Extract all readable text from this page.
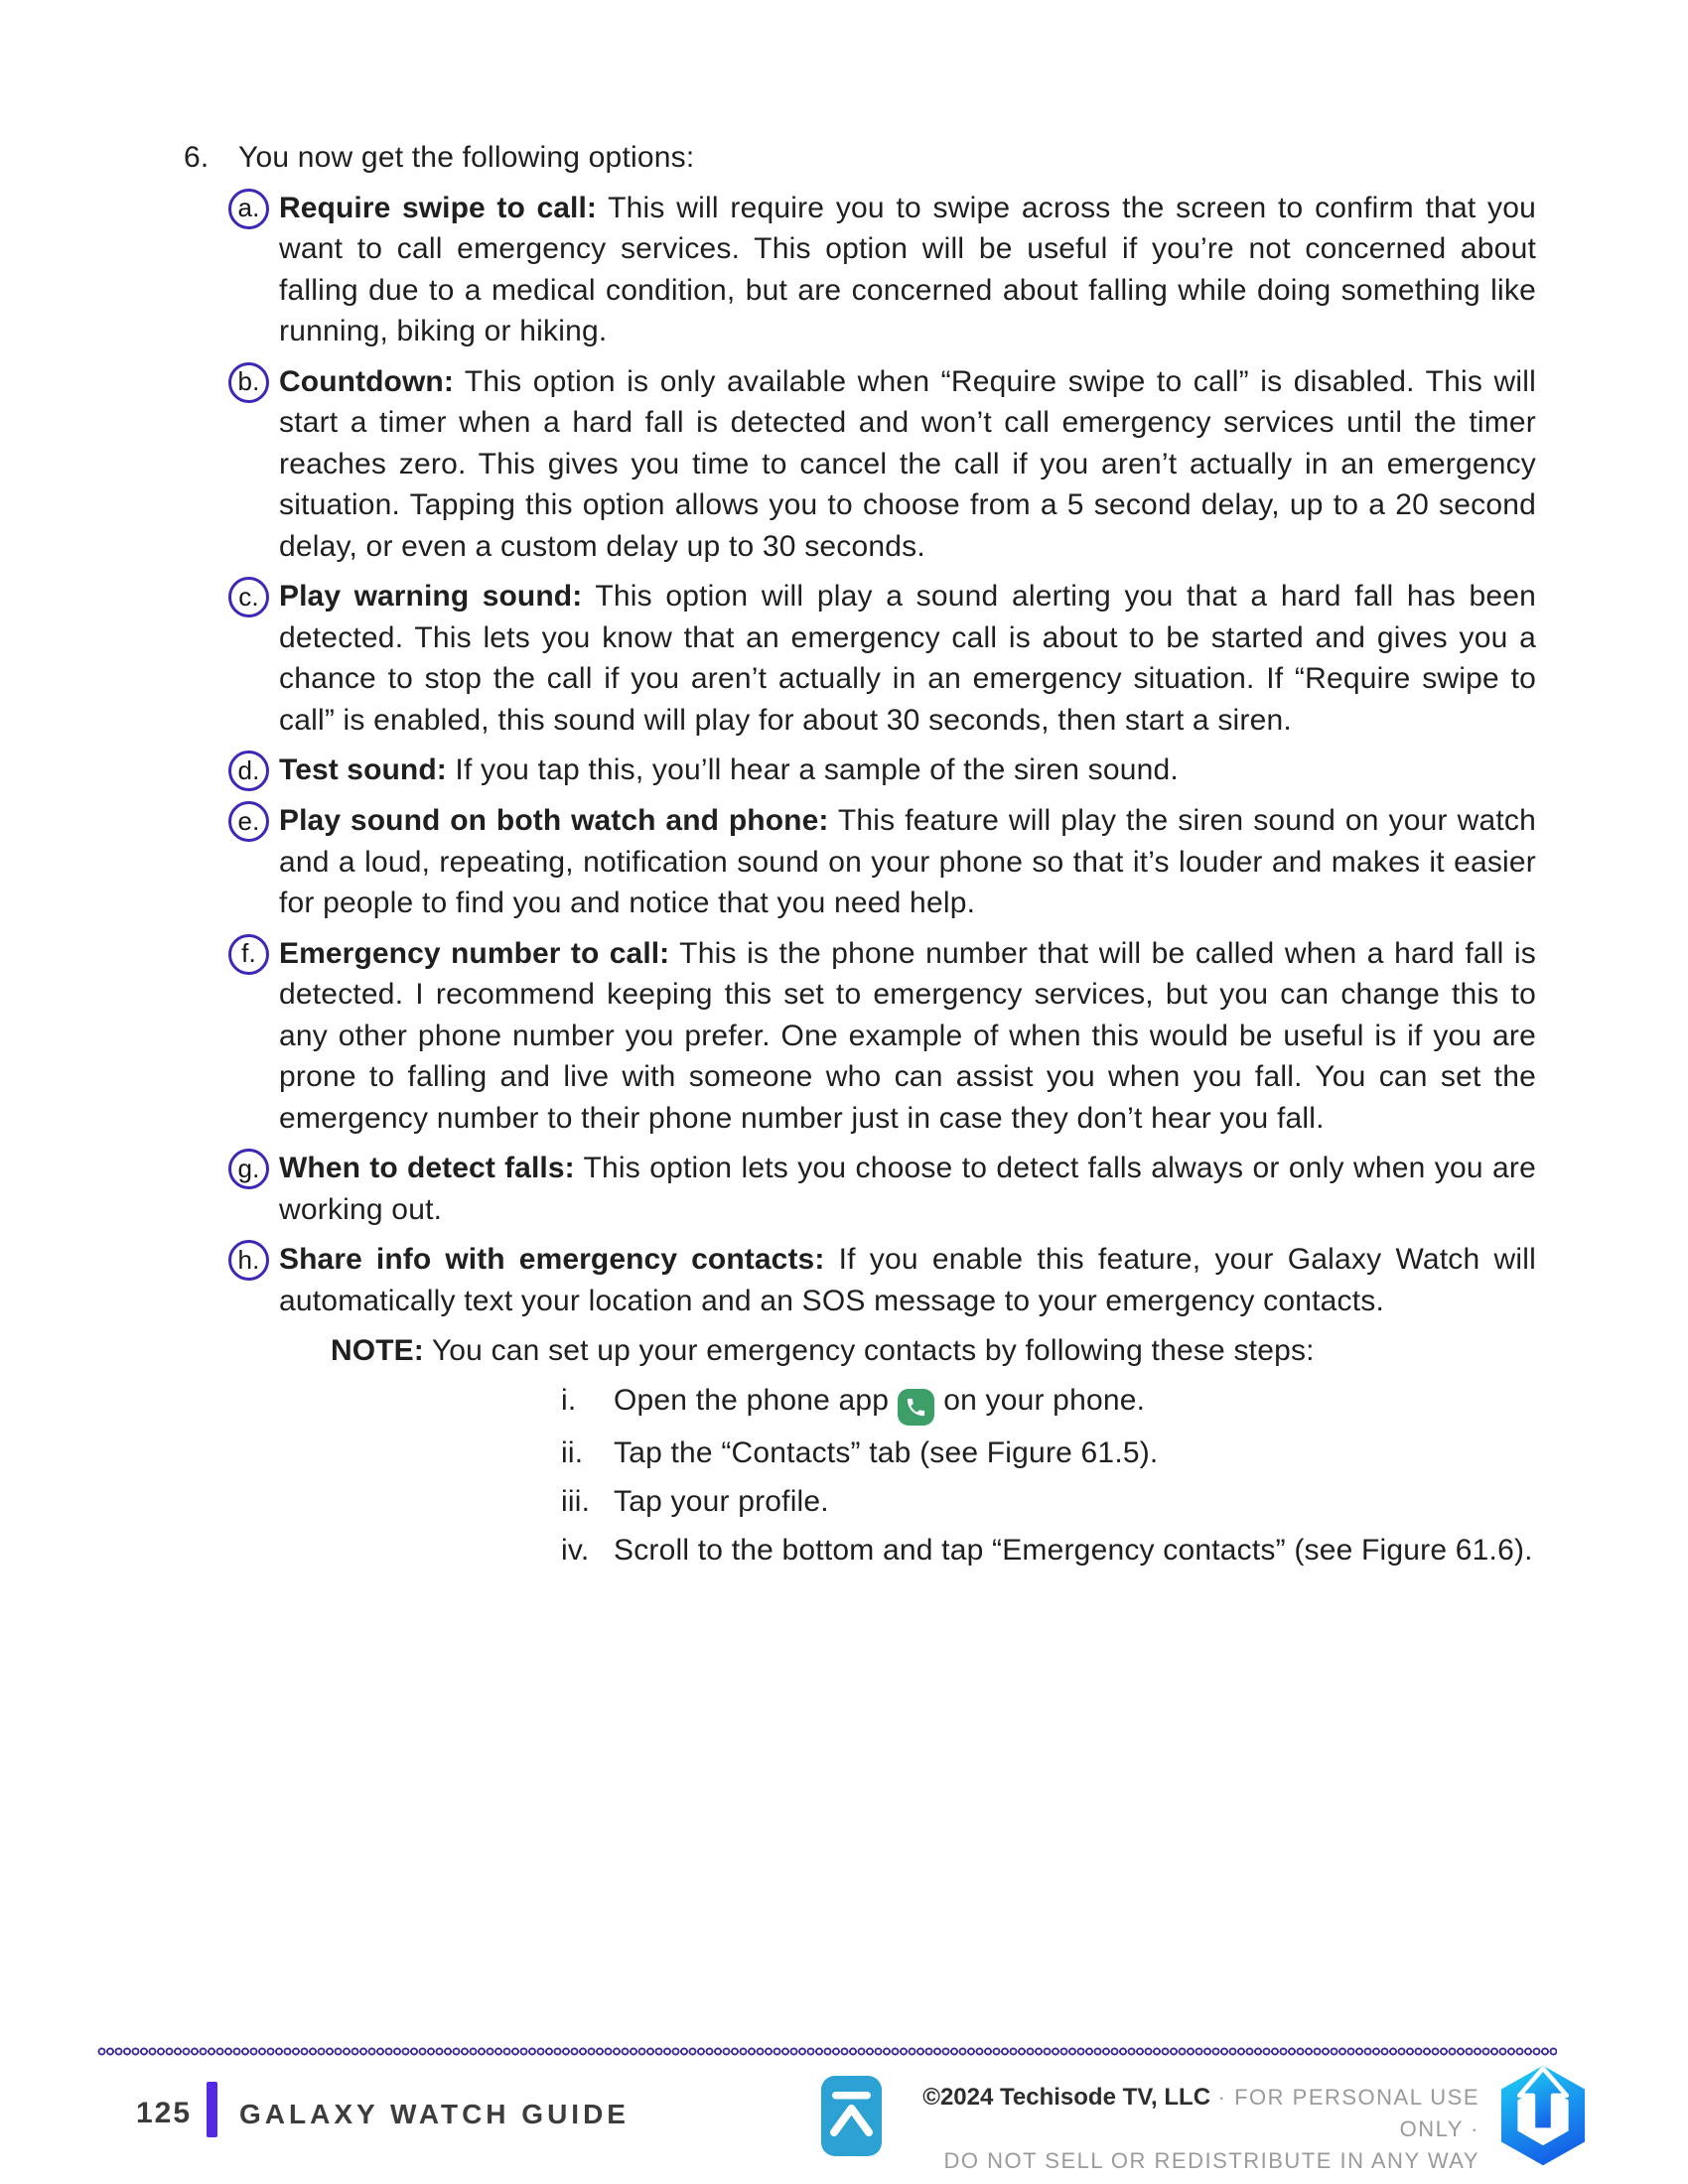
6. You now get the following options:
a. Require swipe to call: This will require you to swipe across the screen to confirm that you want to call emergency services. This option will be useful if you’re not concerned about falling due to a medical condition, but are concerned about falling while doing something like running, biking or hiking.

b. Countdown: This option is only available when “Require swipe to call” is disabled. This will start a timer when a hard fall is detected and won’t call emergency services until the timer reaches zero. This gives you time to cancel the call if you aren’t actually in an emergency situation. Tapping this option allows you to choose from a 5 second delay, up to a 20 second delay, or even a custom delay up to 30 seconds.

c. Play warning sound: This option will play a sound alerting you that a hard fall has been detected. This lets you know that an emergency call is about to be started and gives you a chance to stop the call if you aren’t actually in an emergency situation. If “Require swipe to call” is enabled, this sound will play for about 30 seconds, then start a siren.

d. Test sound: If you tap this, you’ll hear a sample of the siren sound.

e. Play sound on both watch and phone: This feature will play the siren sound on your watch and a loud, repeating, notification sound on your phone so that it’s louder and makes it easier for people to find you and notice that you need help.

f. Emergency number to call: This is the phone number that will be called when a hard fall is detected. I recommend keeping this set to emergency services, but you can change this to any other phone number you prefer. One example of when this would be useful is if you are prone to falling and live with someone who can assist you when you fall. You can set the emergency number to their phone number just in case they don’t hear you fall.

g. When to detect falls: This option lets you choose to detect falls always or only when you are working out.

h. Share info with emergency contacts: If you enable this feature, your Galaxy Watch will automatically text your location and an SOS message to your emergency contacts.

NOTE: You can set up your emergency contacts by following these steps:
i.	Open the phone app on your phone.
ii.	Tap the “Contacts” tab (see Figure 61.5).
iii. Tap your profile.
iv. Scroll to the bottom and tap “Emergency contacts” (see Figure 61.6).
125 GALAXY WATCH GUIDE
©2024 Techisode TV, LLC · FOR PERSONAL USE ONLY ·
DO NOT SELL OR REDISTRIBUTE IN ANY WAY
